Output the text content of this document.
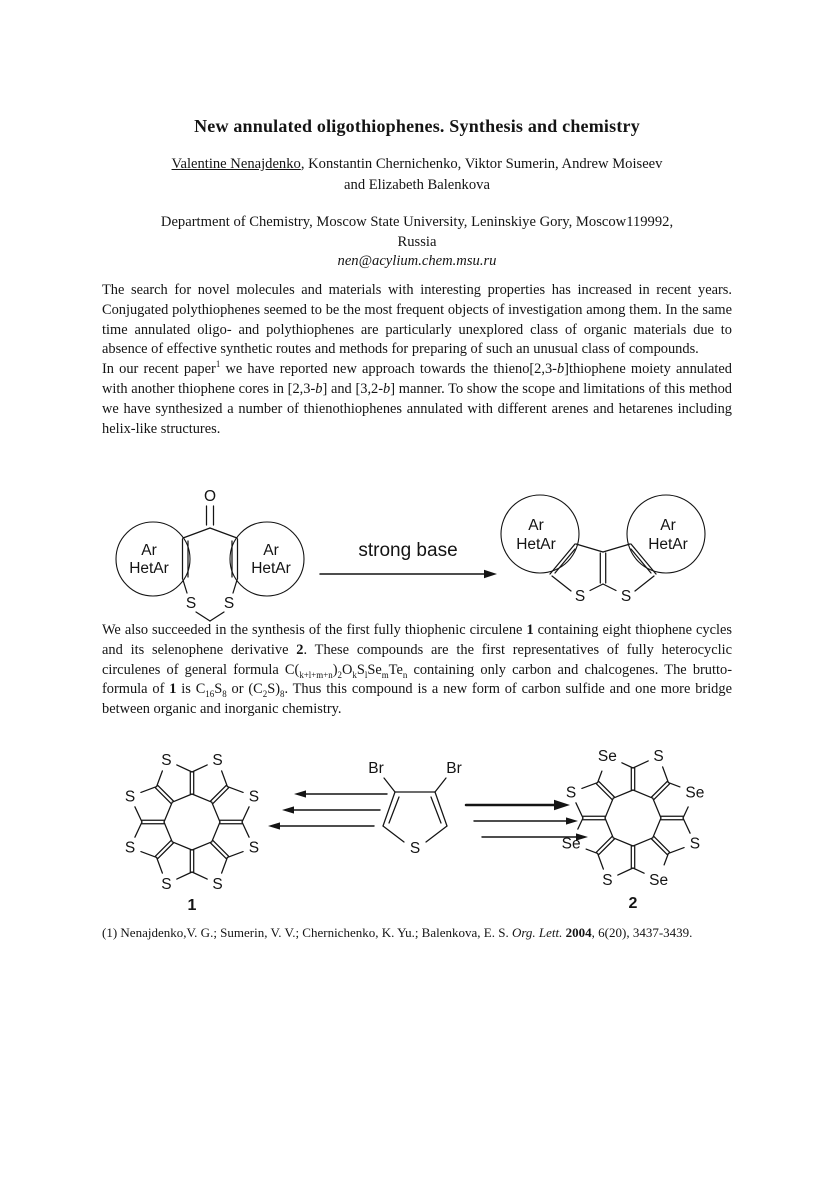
New annulated oligothiophenes. Synthesis and chemistry
Valentine Nenajdenko, Konstantin Chernichenko, Viktor Sumerin, Andrew Moiseev
and Elizabeth Balenkova
Department of Chemistry, Moscow State University, Leninskiye Gory, Moscow119992,
Russia
nen@acylium.chem.msu.ru

The search for novel molecules and materials with interesting properties has increased in recent years. Conjugated polythiophenes seemed to be the most frequent objects of investigation among them. In the same time annulated oligo- and polythiophenes are particularly unexplored class of organic materials due to absence of effective synthetic routes and methods for preparing of such an unusual class of compounds.

In our recent paper$^1$ we have reported new approach towards the thieno[2,3-b]thiophene moiety annulated with another thiophene cores in [2,3-b] and [3,2-b] manner. To show the scope and limitations of this method we have synthesized a number of thienothiophenes annulated with different arenes and hetarenes including helix-like structures.

We also succeeded in the synthesis of the first fully thiophenic circulene 1 containing eight thiophene cycles and its selenophene derivative 2. These compounds are the first representatives of fully heterocyclic circulenes of general formula $C(_{k+l+m+n})_2O_kS_lSe_mTe_n$ containing only carbon and chalcogenes. The brutto-formula of 1 is $C_{16}S_8$ or $(C_2S)_8$. Thus this compound is a new form of carbon sulfide and one more bridge between organic and inorganic chemistry.

(1) Nenajdenko,V. G.; Sumerin, V. V.; Chernichenko, K. Yu.; Balenkova, E. S. Org. Lett. 2004, 6(20), 3437-3439.
O
Ar
HetAr
Ar
HetAr
S S
strong base
Ar
HetAr
Ar
HetAr
S S
1
S
S
S
S
S
S	S
S
Br	Br
S
2
Se
S
Se
S
Se
S Se
S
